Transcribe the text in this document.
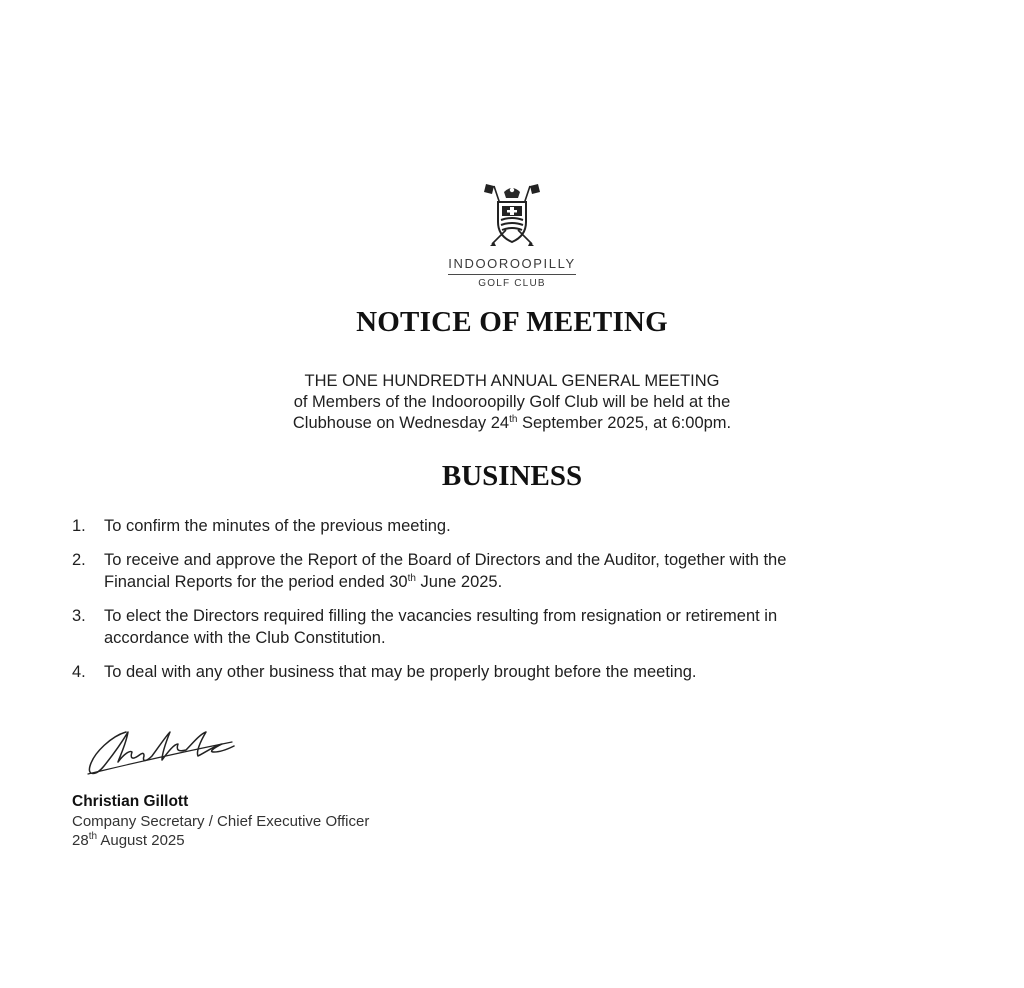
INDOOROOPILLY
GOLF CLUB
NOTICE OF MEETING
THE ONE HUNDREDTH ANNUAL GENERAL MEETING
of Members of the Indooroopilly Golf Club will be held at the
Clubhouse on Wednesday 24th September 2025, at 6:00pm.
BUSINESS
1. To confirm the minutes of the previous meeting.
2. To receive and approve the Report of the Board of Directors and the Auditor, together with the
Financial Reports for the period ended 30th June 2025.
3. To elect the Directors required filling the vacancies resulting from resignation or retirement in
accordance with the Club Constitution.
4. To deal with any other business that may be properly brought before the meeting.
Christian Gillott
Company Secretary / Chief Executive Officer
28th August 2025
